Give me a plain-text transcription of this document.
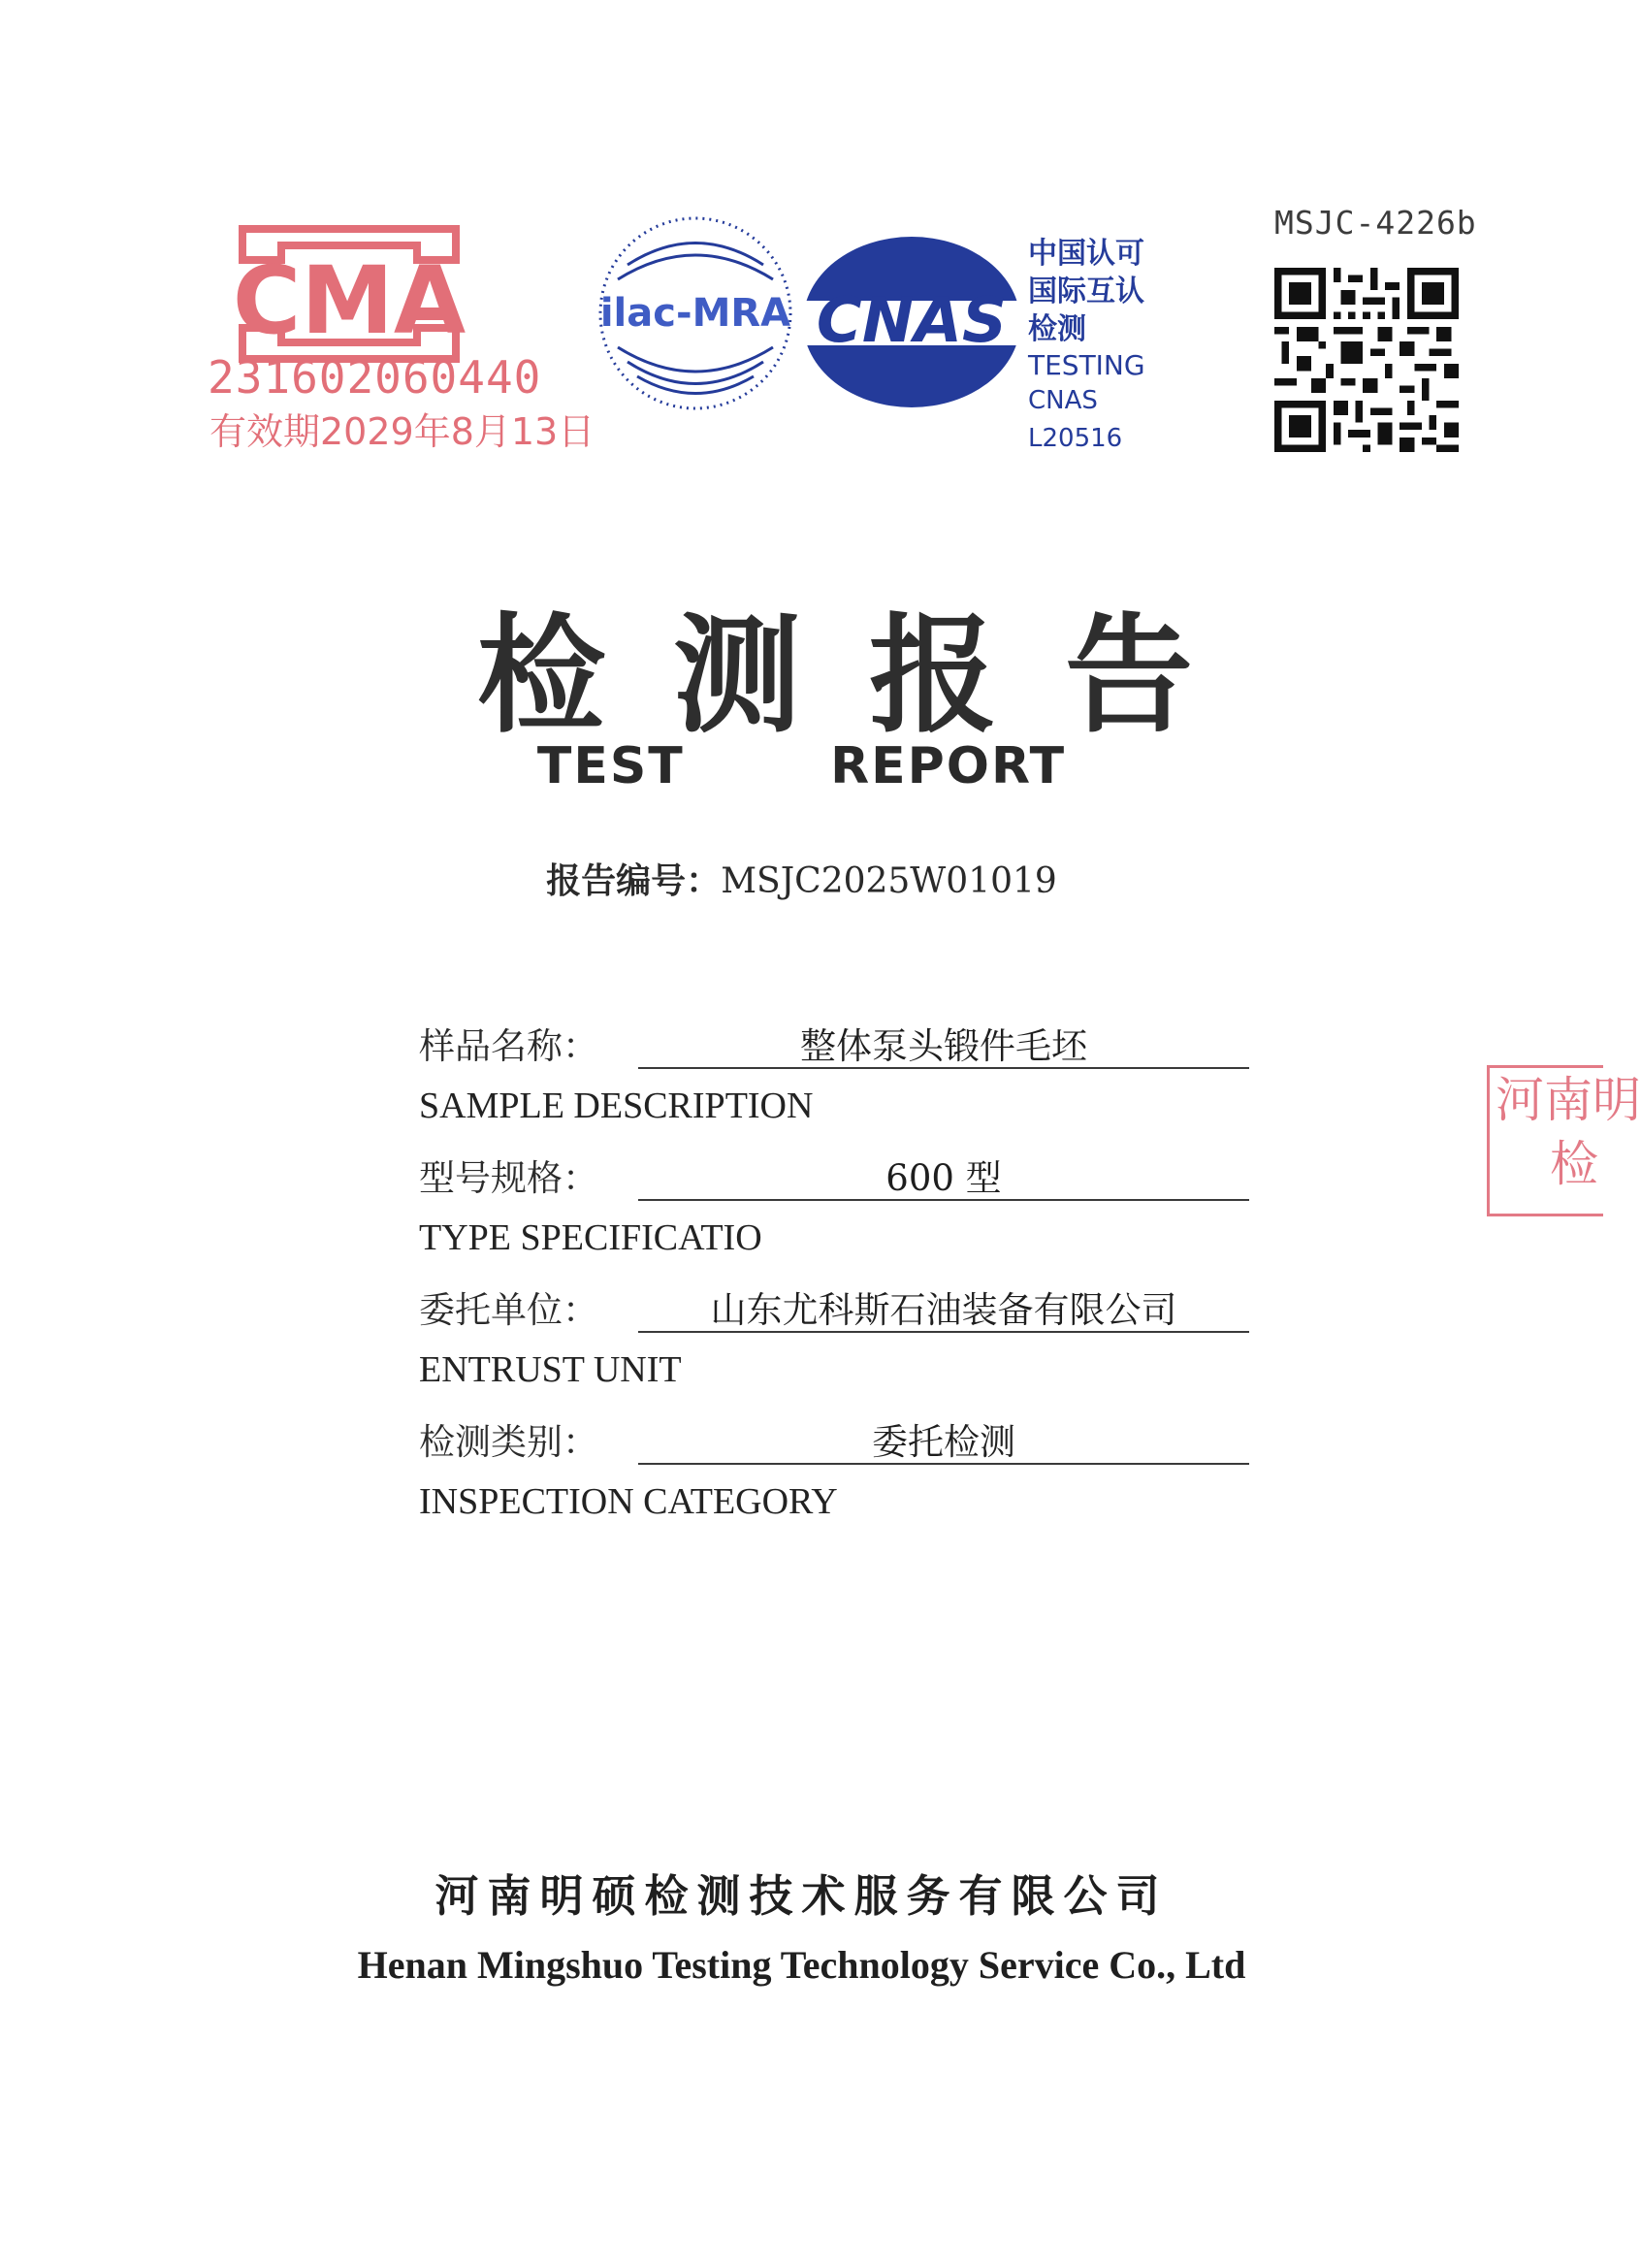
CMA
231602060440
有效期2029年8月13日
ilac-MRA CNAS
中国认可
国际互认
检测
TESTING
CNAS L20516
MSJC-4226b
河南明
检
检测报告
TEST   REPORT
报告编号：MSJC2025W01019
样品名称：	整体泵头锻件毛坯
SAMPLE DESCRIPTION
型号规格：	600 型
TYPE SPECIFICATIO
委托单位：	山东尤科斯石油装备有限公司
ENTRUST UNIT
检测类别：	委托检测
INSPECTION CATEGORY
河南明硕检测技术服务有限公司
Henan Mingshuo Testing Technology Service Co., Ltd
